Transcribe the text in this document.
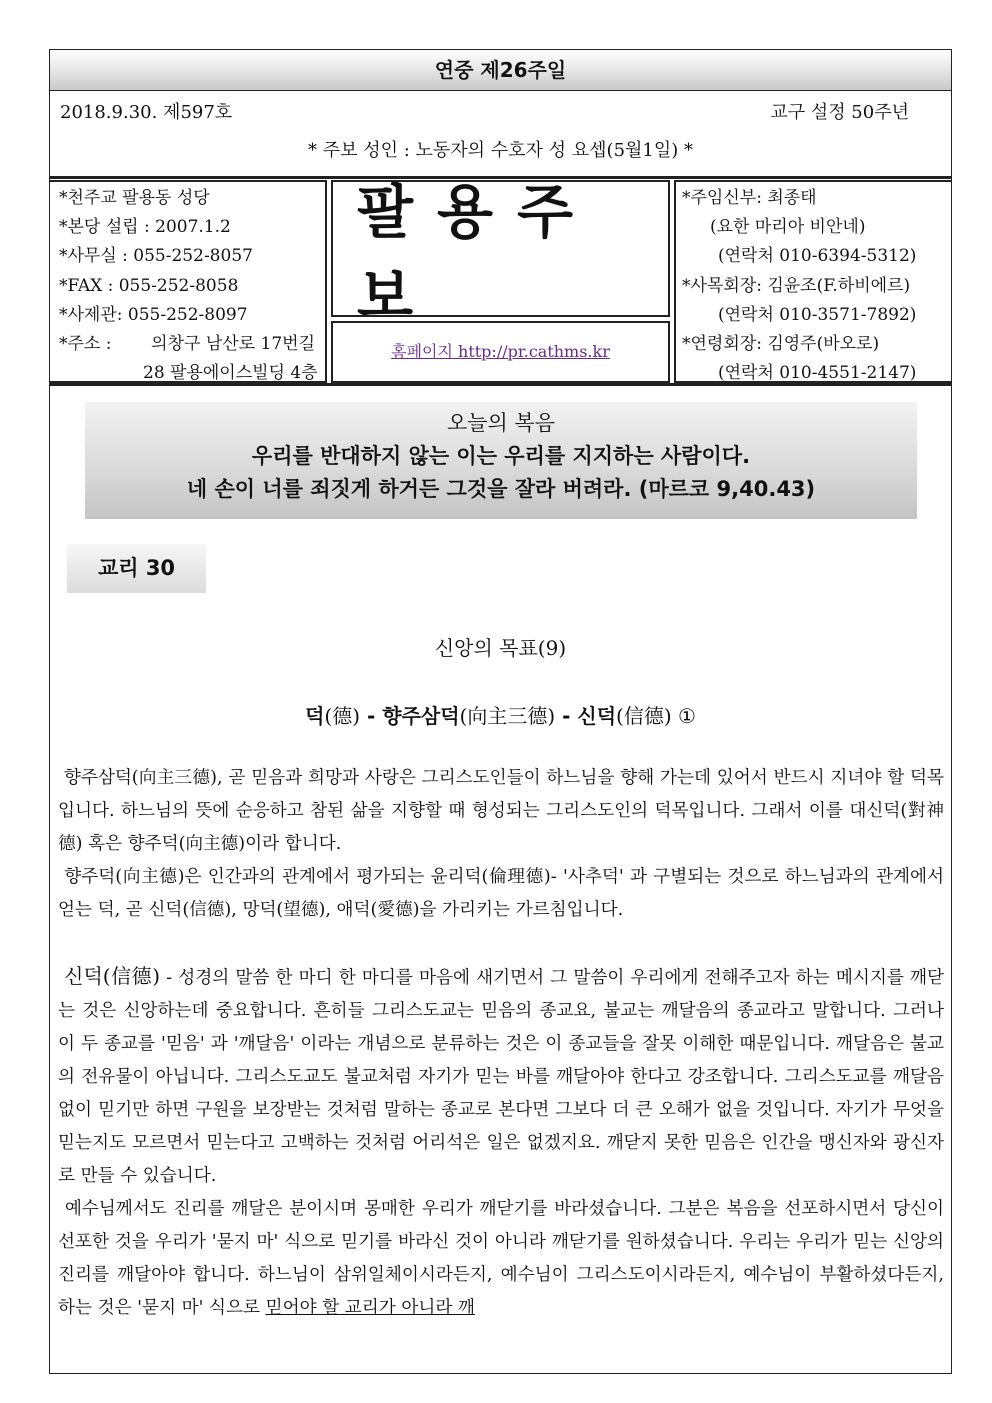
연중 제26주일
2018.9.30. 제597호	교구 설정 50주년
* 주보 성인 : 노동자의 수호자 성 요셉(5월1일) *
*천주교 팔용동 성당
*본당 설립 : 2007.1.2
*사무실 : 055-252-8057
*FAX : 055-252-8058
*사제관: 055-252-8097
*주소 : 의창구 남산로 17번길
28 팔용에이스빌딩 4층
팔용주보
홈페이지 http://pr.cathms.kr
*주임신부: 최종태
(요한 마리아 비안네)
(연락처 010-6394-5312)
*사목회장: 김윤조(F.하비에르)
(연락처 010-3571-7892)
*연령회장: 김영주(바오로)
(연락처 010-4551-2147)
오늘의 복음
우리를 반대하지 않는 이는 우리를 지지하는 사람이다.
네 손이 너를 죄짓게 하거든 그것을 잘라 버려라. (마르코 9,40.43)
교리 30
신앙의 목표(9)
덕(德) - 향주삼덕(向主三德) - 신덕(信德) ①

향주삼덕(向主三德), 곧 믿음과 희망과 사랑은 그리스도인들이 하느님을 향해 가는데 있어서 반드시 지녀야 할 덕목입니다. 하느님의 뜻에 순응하고 참된 삶을 지향할 때 형성되는 그리스도인의 덕목입니다. 그래서 이를 대신덕(對神德) 혹은 향주덕(向主德)이라 합니다.

향주덕(向主德)은 인간과의 관계에서 평가되는 윤리덕(倫理德)- '사추덕' 과 구별되는 것으로 하느님과의 관계에서 얻는 덕, 곧 신덕(信德), 망덕(望德), 애덕(愛德)을 가리키는 가르침입니다.

신덕(信德) - 성경의 말씀 한 마디 한 마디를 마음에 새기면서 그 말씀이 우리에게 전해주고자 하는 메시지를 깨닫는 것은 신앙하는데 중요합니다. 흔히들 그리스도교는 믿음의 종교요, 불교는 깨달음의 종교라고 말합니다. 그러나 이 두 종교를 '믿음' 과 '깨달음' 이라는 개념으로 분류하는 것은 이 종교들을 잘못 이해한 때문입니다. 깨달음은 불교의 전유물이 아닙니다. 그리스도교도 불교처럼 자기가 믿는 바를 깨달아야 한다고 강조합니다. 그리스도교를 깨달음 없이 믿기만 하면 구원을 보장받는 것처럼 말하는 종교로 본다면 그보다 더 큰 오해가 없을 것입니다. 자기가 무엇을 믿는지도 모르면서 믿는다고 고백하는 것처럼 어리석은 일은 없겠지요. 깨닫지 못한 믿음은 인간을 맹신자와 광신자로 만들 수 있습니다.

예수님께서도 진리를 깨달은 분이시며 몽매한 우리가 깨닫기를 바라셨습니다. 그분은 복음을 선포하시면서 당신이 선포한 것을 우리가 '묻지 마' 식으로 믿기를 바라신 것이 아니라 깨닫기를 원하셨습니다. 우리는 우리가 믿는 신앙의 진리를 깨달아야 합니다. 하느님이 삼위일체이시라든지, 예수님이 그리스도이시라든지, 예수님이 부활하셨다든지, 하는 것은 '묻지 마' 식으로 믿어야 할 교리가 아니라 깨
